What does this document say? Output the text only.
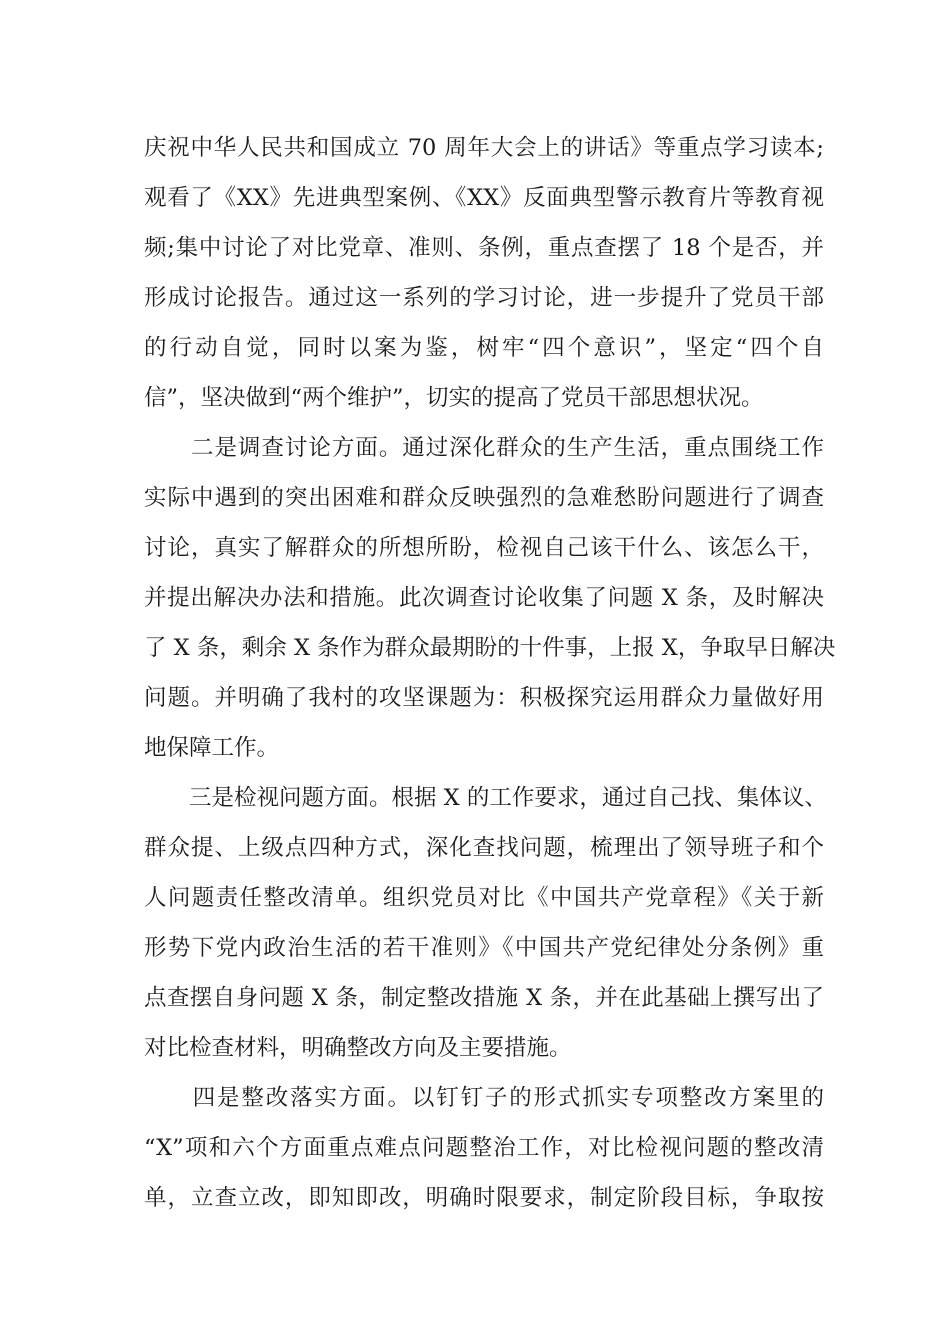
庆祝中华人民共和国成立 70 周年大会上的讲话》等重点学习读本;
观看了《XX》先进典型案例、《XX》反面典型警示教育片等教育视
频;集中讨论了对比党章、准则、条例，重点查摆了 18 个是否，并
形成讨论报告。通过这一系列的学习讨论，进一步提升了党员干部
的行动自觉，同时以案为鉴，树牢“四个意识”，坚定“四个自
信”，坚决做到“两个维护”，切实的提高了党员干部思想状况。
　　二是调查讨论方面。通过深化群众的生产生活，重点围绕工作
实际中遇到的突出困难和群众反映强烈的急难愁盼问题进行了调查
讨论，真实了解群众的所想所盼，检视自己该干什么、该怎么干，
并提出解决办法和措施。此次调查讨论收集了问题 X 条，及时解决
了 X 条，剩余 X 条作为群众最期盼的十件事，上报 X，争取早日解决
问题。并明确了我村的攻坚课题为：积极探究运用群众力量做好用
地保障工作。
　　三是检视问题方面。根据 X 的工作要求，通过自己找、集体议、
群众提、上级点四种方式，深化查找问题，梳理出了领导班子和个
人问题责任整改清单。组织党员对比《中国共产党章程》《关于新
形势下党内政治生活的若干准则》《中国共产党纪律处分条例》重
点查摆自身问题 X 条，制定整改措施 X 条，并在此基础上撰写出了
对比检查材料，明确整改方向及主要措施。
　　四是整改落实方面。以钉钉子的形式抓实专项整改方案里的
“X”项和六个方面重点难点问题整治工作，对比检视问题的整改清
单，立查立改，即知即改，明确时限要求，制定阶段目标，争取按
